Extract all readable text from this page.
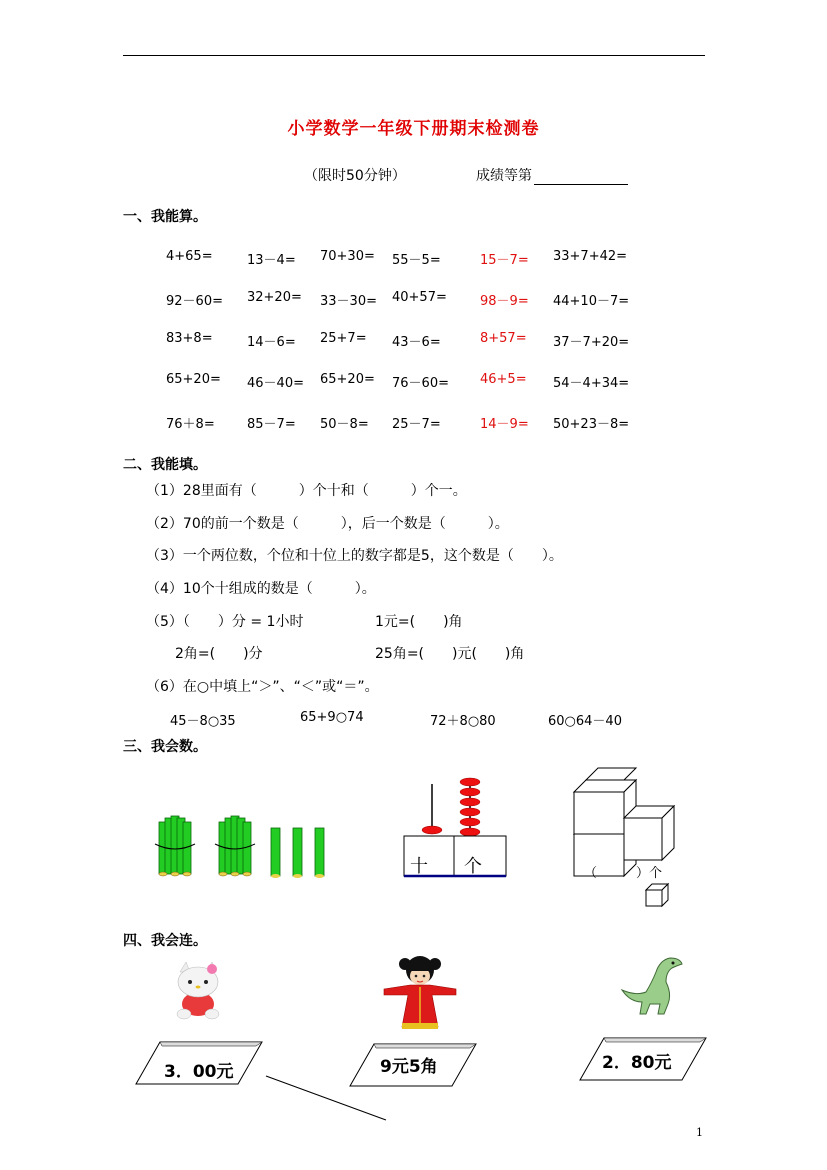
小学数学一年级下册期末检测卷
（限时50分钟）	成绩等第
一、我能算。
4+65=	13－4= 70+30= 55－5=	15－7= 33+7+42=
92－60= 32+20= 33－30= 40+57=	98－9= 44+10－7=
83+8=	14－6= 25+7= 43－6=	8+57= 37－7+20=
65+20= 46－40= 65+20= 76－60= 46+5= 54－4+34=
76＋8= 85－7= 50－8= 25－7=	14－9= 50+23－8=
二、我能填。
（1）28里面有（　　　）个十和（　　　）个一。
（2）70的前一个数是（　　　），后一个数是（　　　）。
（3）一个两位数，个位和十位上的数字都是5，这个数是（　　）。
（4）10个十组成的数是（　　　）。
（5）（　　）分 = 1小时	1元=(　　)角
2角=(　　)分	25角=(　　)元(　　)角
（6）在○中填上“＞”、“＜”或“＝”。
45－8○35	65+9○74	72＋8○80	60○64－40
三、我会数。
十 个	（　　　）个
四、我会连。
3．00元	9元5角	2．80元
1
